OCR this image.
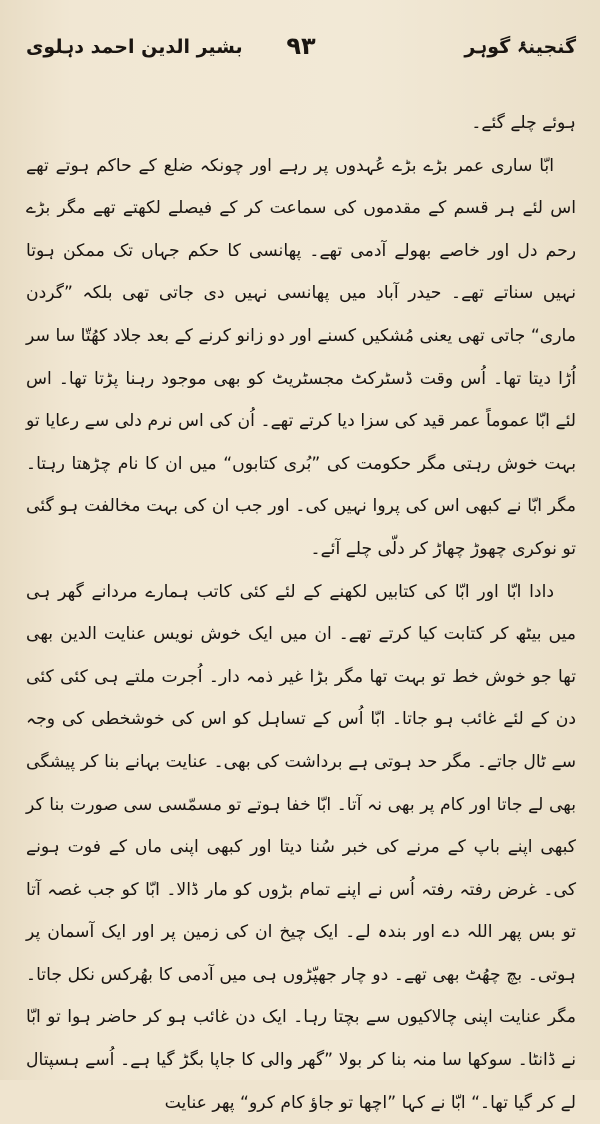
گنجینۂ گوہر
۹۳
بشیر الدین احمد دہلوی

ہوئے چلے گئے۔

ابّا ساری عمر بڑے بڑے عُہدوں پر رہے اور چونکہ ضلع کے حاکم ہوتے تھے اس لئے ہر قسم کے مقدموں کی سماعت کر کے فیصلے لکھتے تھے مگر بڑے رحم دل اور خاصے بھولے آدمی تھے۔ پھانسی کا حکم جہاں تک ممکن ہوتا نہیں سناتے تھے۔ حیدر آباد میں پھانسی نہیں دی جاتی تھی بلکہ ”گردن ماری“ جاتی تھی یعنی مُشکیں کسنے اور دو زانو کرنے کے بعد جلاد کھُتّا سا سر اُڑا دیتا تھا۔ اُس وقت ڈسٹرکٹ مجسٹریٹ کو بھی موجود رہنا پڑتا تھا۔ اس لئے ابّا عموماً عمر قید کی سزا دیا کرتے تھے۔ اُن کی اس نرم دلی سے رعایا تو بہت خوش رہتی مگر حکومت کی ”بُری کتابوں“ میں ان کا نام چڑھتا رہتا۔ مگر ابّا نے کبھی اس کی پروا نہیں کی۔ اور جب ان کی بہت مخالفت ہو گئی تو نوکری چھوڑ چھاڑ کر دلّی چلے آئے۔

دادا ابّا اور ابّا کی کتابیں لکھنے کے لئے کئی کاتب ہمارے مردانے گھر ہی میں بیٹھ کر کتابت کیا کرتے تھے۔ ان میں ایک خوش نویس عنایت الدین بھی تھا جو خوش خط تو بہت تھا مگر بڑا غیر ذمہ دار۔ اُجرت ملتے ہی کئی کئی دن کے لئے غائب ہو جاتا۔ ابّا اُس کے تساہل کو اس کی خوشخطی کی وجہ سے ٹال جاتے۔ مگر حد ہوتی ہے برداشت کی بھی۔ عنایت بہانے بنا کر پیشگی بھی لے جاتا اور کام پر بھی نہ آتا۔ ابّا خفا ہوتے تو مسمّسی سی صورت بنا کر کبھی اپنے باپ کے مرنے کی خبر سُنا دیتا اور کبھی اپنی ماں کے فوت ہونے کی۔ غرض رفتہ رفتہ اُس نے اپنے تمام بڑوں کو مار ڈالا۔ ابّا کو جب غصہ آتا تو بس پھر اللہ دے اور بندہ لے۔ ایک چیخ ان کی زمین پر اور ایک آسمان پر ہوتی۔ بچ چھُٹ بھی تھے۔ دو چار جھپّڑوں ہی میں آدمی کا بھُرکس نکل جاتا۔ مگر عنایت اپنی چالاکیوں سے بچتا رہا۔ ایک دن غائب ہو کر حاضر ہوا تو ابّا نے ڈانٹا۔ سوکھا سا منہ بنا کر بولا ”گھر والی کا جاپا بگڑ گیا ہے۔ اُسے ہسپتال لے کر گیا تھا۔“ ابّا نے کہا ”اچھا تو جاؤ کام کرو“ پھر عنایت
